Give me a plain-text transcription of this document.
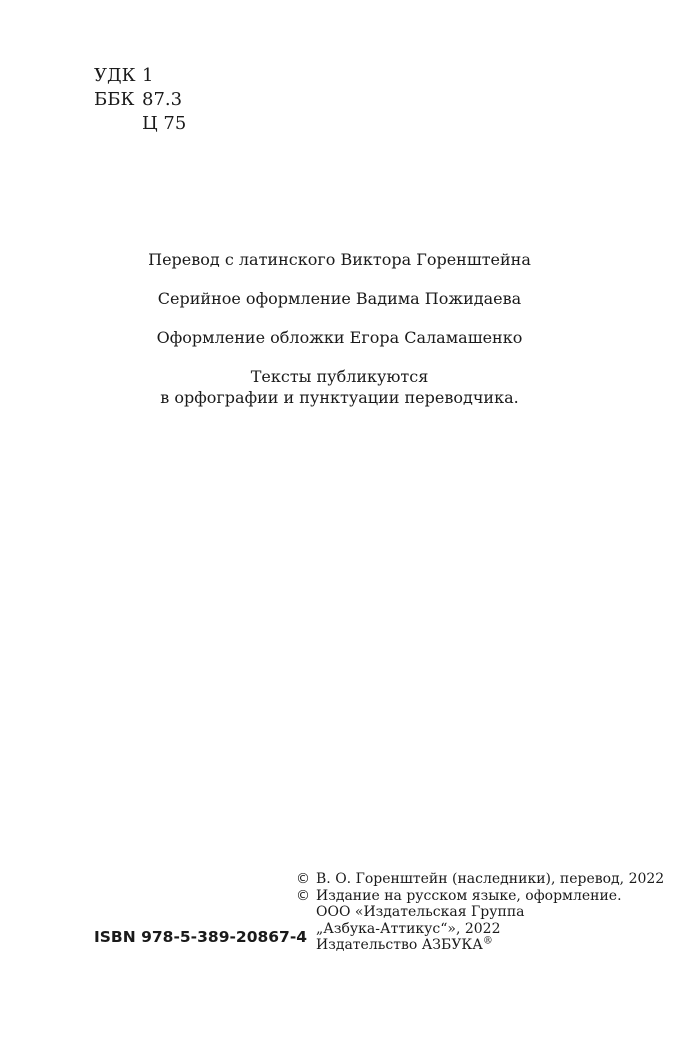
УДК 1
ББК 87.3
Ц 75
Перевод с латинского Виктора Горенштейна
Серийное оформление Вадима Пожидаева
Оформление обложки Егора Саламашенко
Тексты публикуются
в орфографии и пунктуации переводчика.
ISBN 978-5-389-20867-4
© В. О. Горенштейн (наследники), перевод, 2022
© Издание на русском языке, оформление.
ООО «Издательская Группа
„Азбука-Аттикус“», 2022
Издательство АЗБУКА®
